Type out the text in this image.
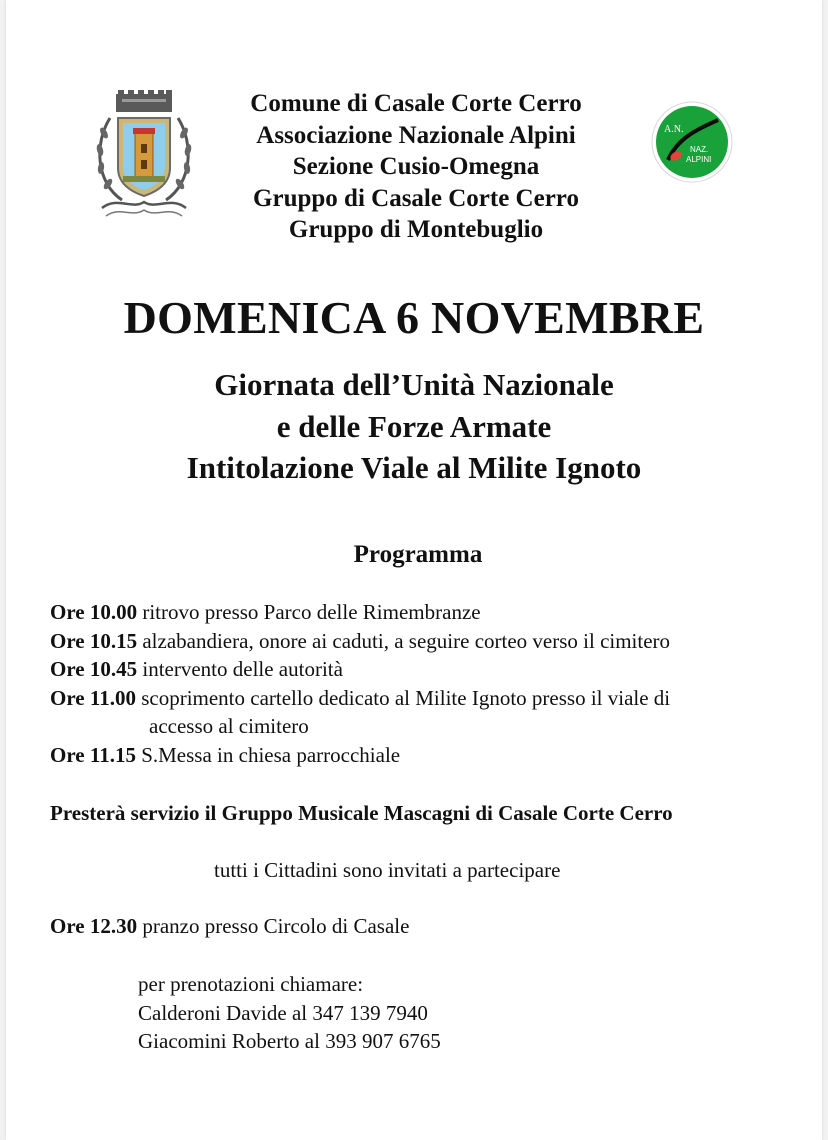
A.N.
NAZ.
ALPINI
Comune di Casale Corte Cerro
Associazione Nazionale Alpini
Sezione Cusio-Omegna
Gruppo di Casale Corte Cerro
Gruppo di Montebuglio
DOMENICA 6 NOVEMBRE
Giornata dell’Unità Nazionale
e delle Forze Armate
Intitolazione Viale al Milite Ignoto
Programma
Ore 10.00 ritrovo presso Parco delle Rimembranze
Ore 10.15 alzabandiera, onore ai caduti, a seguire corteo verso il cimitero
Ore 10.45 intervento delle autorità
Ore 11.00 scoprimento cartello dedicato al Milite Ignoto presso il viale di
accesso al cimitero
Ore 11.15 S.Messa in chiesa parrocchiale
Presterà servizio il Gruppo Musicale Mascagni di Casale Corte Cerro
tutti i Cittadini sono invitati a partecipare
Ore 12.30 pranzo presso Circolo di Casale
per prenotazioni chiamare:
Calderoni Davide al 347 139 7940
Giacomini Roberto al 393 907 6765
